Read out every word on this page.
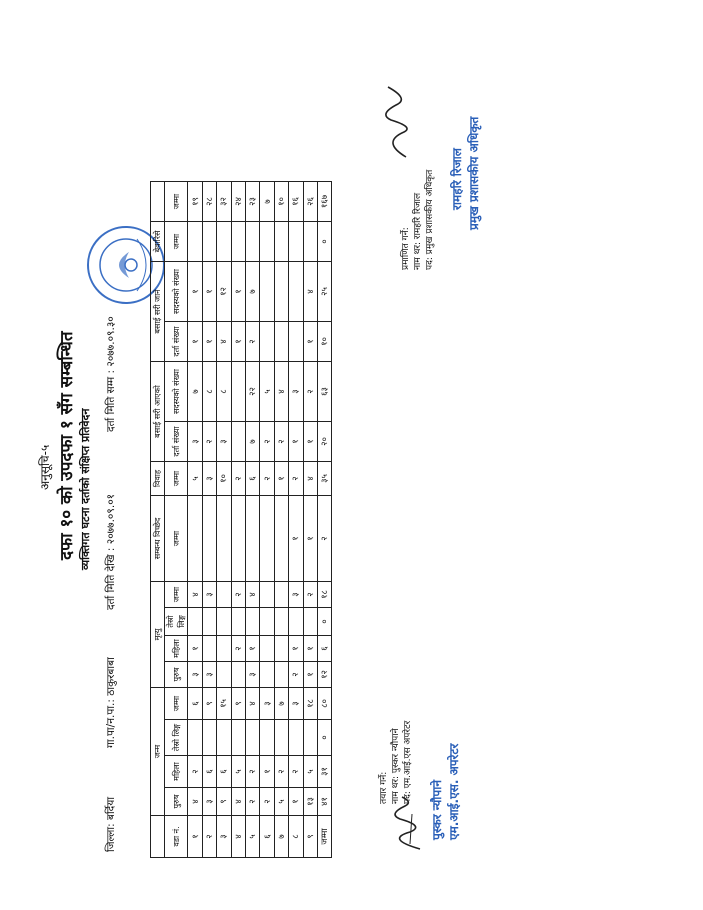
अनुसूचि-५ दफा १० को उपदफा १ सँग सम्बन्धित व्यक्तिगत घटना दर्ताको संक्षिप्त प्रतिवेदन
जिल्ला: बर्दिया
गा.पा/न.पा.: ठाकुरबाबा
दर्ता मिति देखि : २०७७.०९.०१
दर्ता मिति सम्म : २०७७.०९.३०
	जन्म				मृत्यु				सम्बन्ध विच्छेद	विवाह	बसाई सरी आएको		बसाई सरी जाने		बेवारिसे	
वडा नं.	पुरुष	महिला	तेस्रो लिङ्ग	जम्मा	पुरुष	महिला	तेस्रो लिङ्ग	जम्मा	जम्मा	जम्मा	दर्ता संख्या	सदस्यको संख्या	दर्ता संख्या	सदस्यको संख्या	जम्मा	जम्मा
१	४	२		६	३	१		४		५	३	७	१	१		१९
२	३	६		९	३			३		३	२	८	१	१		२८
३	९	६		१५						१०	३	८	४	१२		३२
४	४	५		९		२		२		२			१	१		२४
५	२	२		४	३	१		४		६	७	२२	२	७		२३
६	२	१		३						२	२	५				७
७	५	२		७						१	२	४				१०
८	१	२		३	२	१		३	१	२	१	३				१६
९	१३	५		१८	१	१		२	१	४	१	२	१	४		२६
जम्मा	४१	३१	०	८०	१२	६	०	१८	२	३५	२०	६३	१०	२५	०	१६७
तयार गर्ने: नाम थर: पुस्कर न्यौपाने पद: एम.आई.एस अपरेटर
पुस्कर न्यौपाने एम.आई.एस. अपरेटर
प्रमाणित गर्ने: नाम थर: रामहरि रिजाल पद: प्रमुख प्रशासकीय अधिकृत रामहरि रिजाल प्रमुख प्रशासकीय अधिकृत
